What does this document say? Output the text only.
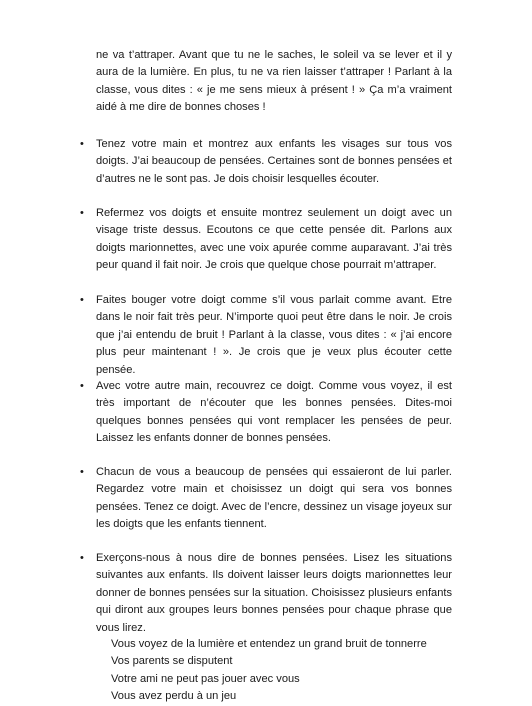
ne va t’attraper. Avant que tu ne le saches, le soleil va se lever et il y aura de la lumière. En plus, tu ne va rien laisser t’attraper ! Parlant à la classe, vous dites : « je me sens mieux à présent ! » Ça m’a vraiment aidé à me dire de bonnes choses !

• Tenez votre main et montrez aux enfants les visages sur tous vos doigts. J’ai beaucoup de pensées. Certaines sont de bonnes pensées et d’autres ne le sont pas. Je dois choisir lesquelles écouter.

• Refermez vos doigts et ensuite montrez seulement un doigt avec un visage triste dessus. Ecoutons ce que cette pensée dit. Parlons aux doigts marionnettes, avec une voix apurée comme auparavant. J’ai très peur quand il fait noir. Je crois que quelque chose pourrait m’attraper.

• Faites bouger votre doigt comme s’il vous parlait comme avant. Etre dans le noir fait très peur. N’importe quoi peut être dans le noir. Je crois que j’ai entendu de bruit ! Parlant à la classe, vous dites : « j’ai encore plus peur maintenant ! ». Je crois que je veux plus écouter cette pensée.

• Avec votre autre main, recouvrez ce doigt. Comme vous voyez, il est très important de n’écouter que les bonnes pensées. Dites-moi quelques bonnes pensées qui vont remplacer les pensées de peur. Laissez les enfants donner de bonnes pensées.

• Chacun de vous a beaucoup de pensées qui essaieront de lui parler. Regardez votre main et choisissez un doigt qui sera vos bonnes pensées. Tenez ce doigt. Avec de l’encre, dessinez un visage joyeux sur les doigts que les enfants tiennent.

• Exerçons-nous à nous dire de bonnes pensées. Lisez les situations suivantes aux enfants. Ils doivent laisser leurs doigts marionnettes leur donner de bonnes pensées sur la situation. Choisissez plusieurs enfants qui diront aux groupes leurs bonnes pensées pour chaque phrase que vous lirez.

Vous voyez de la lumière et entendez un grand bruit de tonnerre
Vos parents se disputent
Votre ami ne peut pas jouer avec vous
Vous avez perdu à un jeu
